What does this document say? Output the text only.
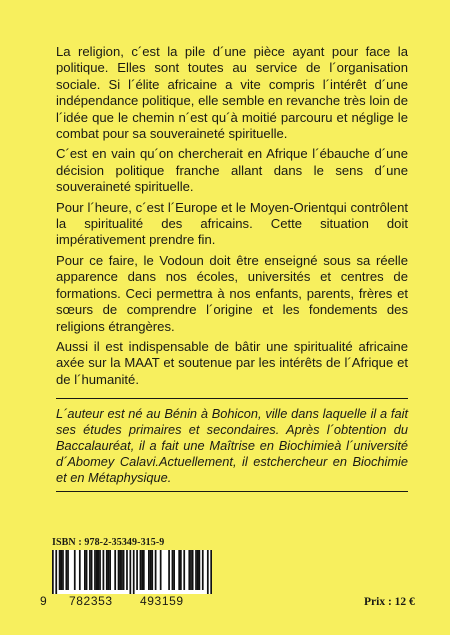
La religion, c´est la pile d´une pièce ayant pour face la politique. Elles sont toutes au service de l´organisation sociale. Si l´élite africaine a vite compris l´intérêt d´une indépendance politique, elle semble en revanche très loin de l´idée que le chemin n´est qu´à moitié parcouru et néglige le combat pour sa souveraineté spirituelle.

C´est en vain qu´on chercherait en Afrique l´ébauche d´une décision politique franche allant dans le sens d´une souveraineté spirituelle.

Pour l´heure, c´est l´Europe et le Moyen-Orientqui contrôlent la spiritualité des africains. Cette situation doit impérativement prendre fin.

Pour ce faire, le Vodoun doit être enseigné sous sa réelle apparence dans nos écoles, universités et centres de formations. Ceci permettra à nos enfants, parents, frères et sœurs de comprendre l´origine et les fondements des religions étrangères.

Aussi il est indispensable de bâtir une spiritualité africaine axée sur la MAAT et soutenue par les intérêts de l´Afrique et de l´humanité.

L´auteur est né au Bénin à Bohicon, ville dans laquelle il a fait ses études primaires et secondaires. Après l´obtention du Baccalauréat, il a fait une Maîtrise en Biochimieà l´université d´Abomey Calavi.Actuellement, il estchercheur en Biochimie et en Métaphysique.
ISBN : 978-2-35349-315-9
9 782353 493159	Prix : 12 €
